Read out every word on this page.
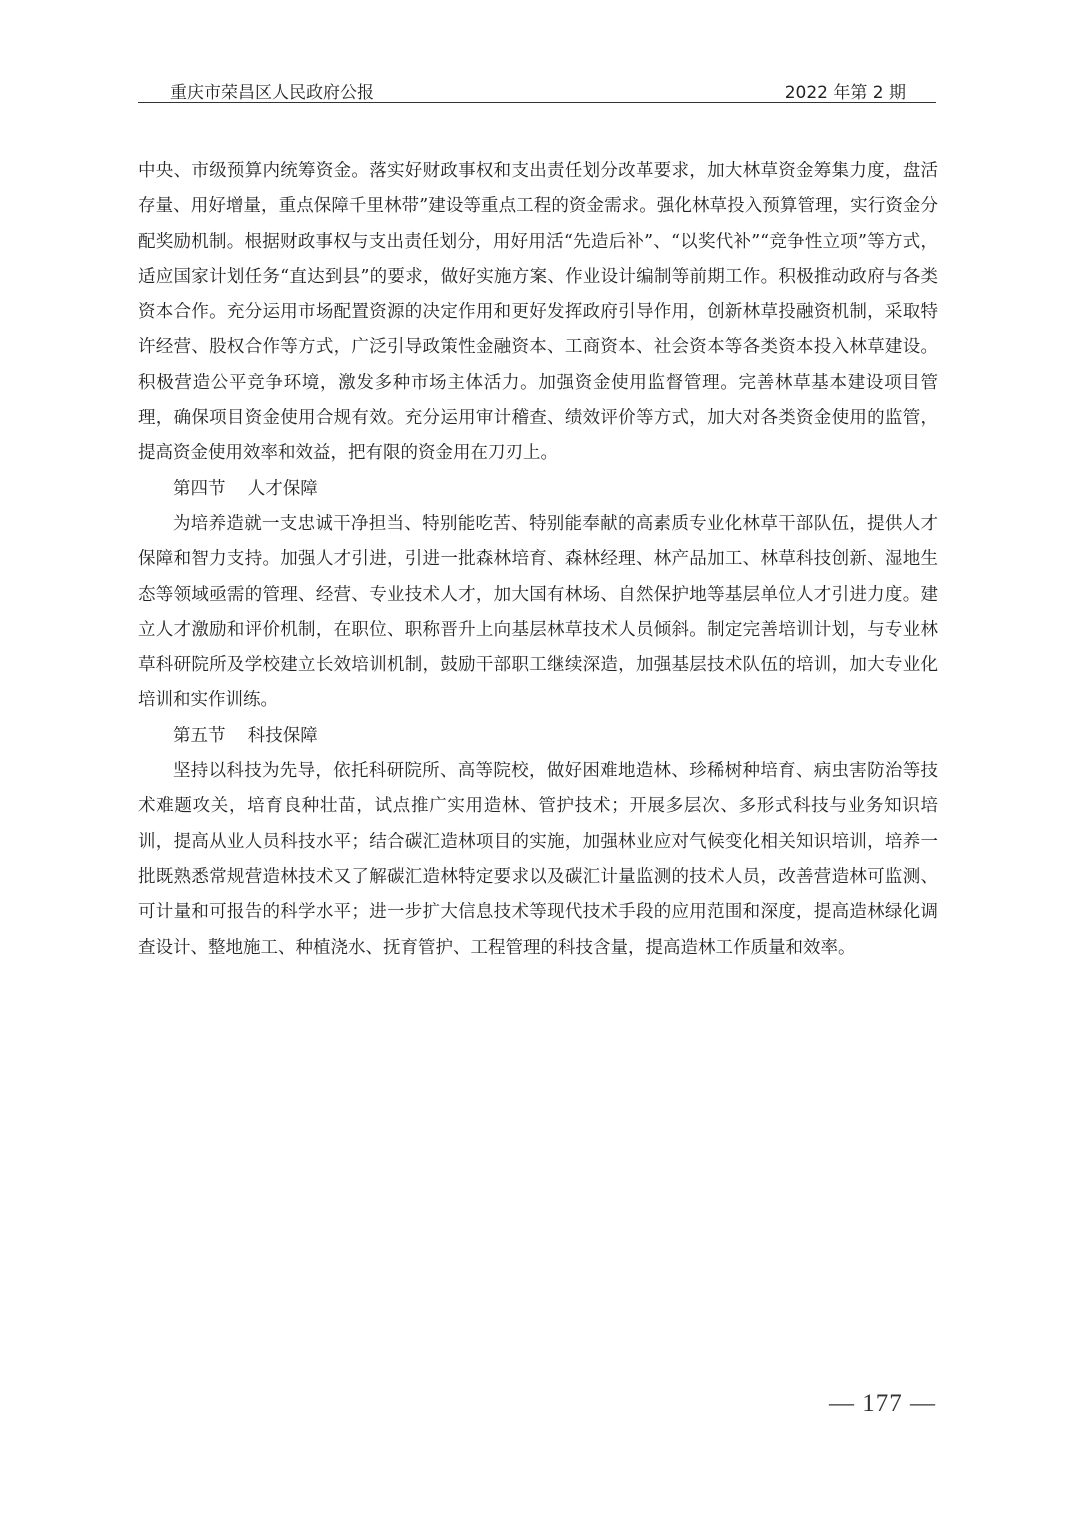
重庆市荣昌区人民政府公报	2022 年第 2 期

中央、市级预算内统筹资金。落实好财政事权和支出责任划分改革要求，加大林草资金筹集力度，盘活存量、用好增量，重点保障千里林带”建设等重点工程的资金需求。强化林草投入预算管理，实行资金分配奖励机制。根据财政事权与支出责任划分，用好用活“先造后补”、“以奖代补”“竞争性立项”等方式，适应国家计划任务“直达到县”的要求，做好实施方案、作业设计编制等前期工作。积极推动政府与各类资本合作。充分运用市场配置资源的决定作用和更好发挥政府引导作用，创新林草投融资机制，采取特许经营、股权合作等方式，广泛引导政策性金融资本、工商资本、社会资本等各类资本投入林草建设。积极营造公平竞争环境，激发多种市场主体活力。加强资金使用监督管理。完善林草基本建设项目管理，确保项目资金使用合规有效。充分运用审计稽查、绩效评价等方式，加大对各类资金使用的监管，提高资金使用效率和效益，把有限的资金用在刀刃上。

第四节    人才保障

为培养造就一支忠诚干净担当、特别能吃苦、特别能奉献的高素质专业化林草干部队伍，提供人才保障和智力支持。加强人才引进，引进一批森林培育、森林经理、林产品加工、林草科技创新、湿地生态等领域亟需的管理、经营、专业技术人才，加大国有林场、自然保护地等基层单位人才引进力度。建立人才激励和评价机制，在职位、职称晋升上向基层林草技术人员倾斜。制定完善培训计划，与专业林草科研院所及学校建立长效培训机制，鼓励干部职工继续深造，加强基层技术队伍的培训，加大专业化培训和实作训练。

第五节    科技保障

坚持以科技为先导，依托科研院所、高等院校，做好困难地造林、珍稀树种培育、病虫害防治等技术难题攻关，培育良种壮苗，试点推广实用造林、管护技术；开展多层次、多形式科技与业务知识培训，提高从业人员科技水平；结合碳汇造林项目的实施，加强林业应对气候变化相关知识培训，培养一批既熟悉常规营造林技术又了解碳汇造林特定要求以及碳汇计量监测的技术人员，改善营造林可监测、可计量和可报告的科学水平；进一步扩大信息技术等现代技术手段的应用范围和深度，提高造林绿化调查设计、整地施工、种植浇水、抚育管护、工程管理的科技含量，提高造林工作质量和效率。

— 177 —
